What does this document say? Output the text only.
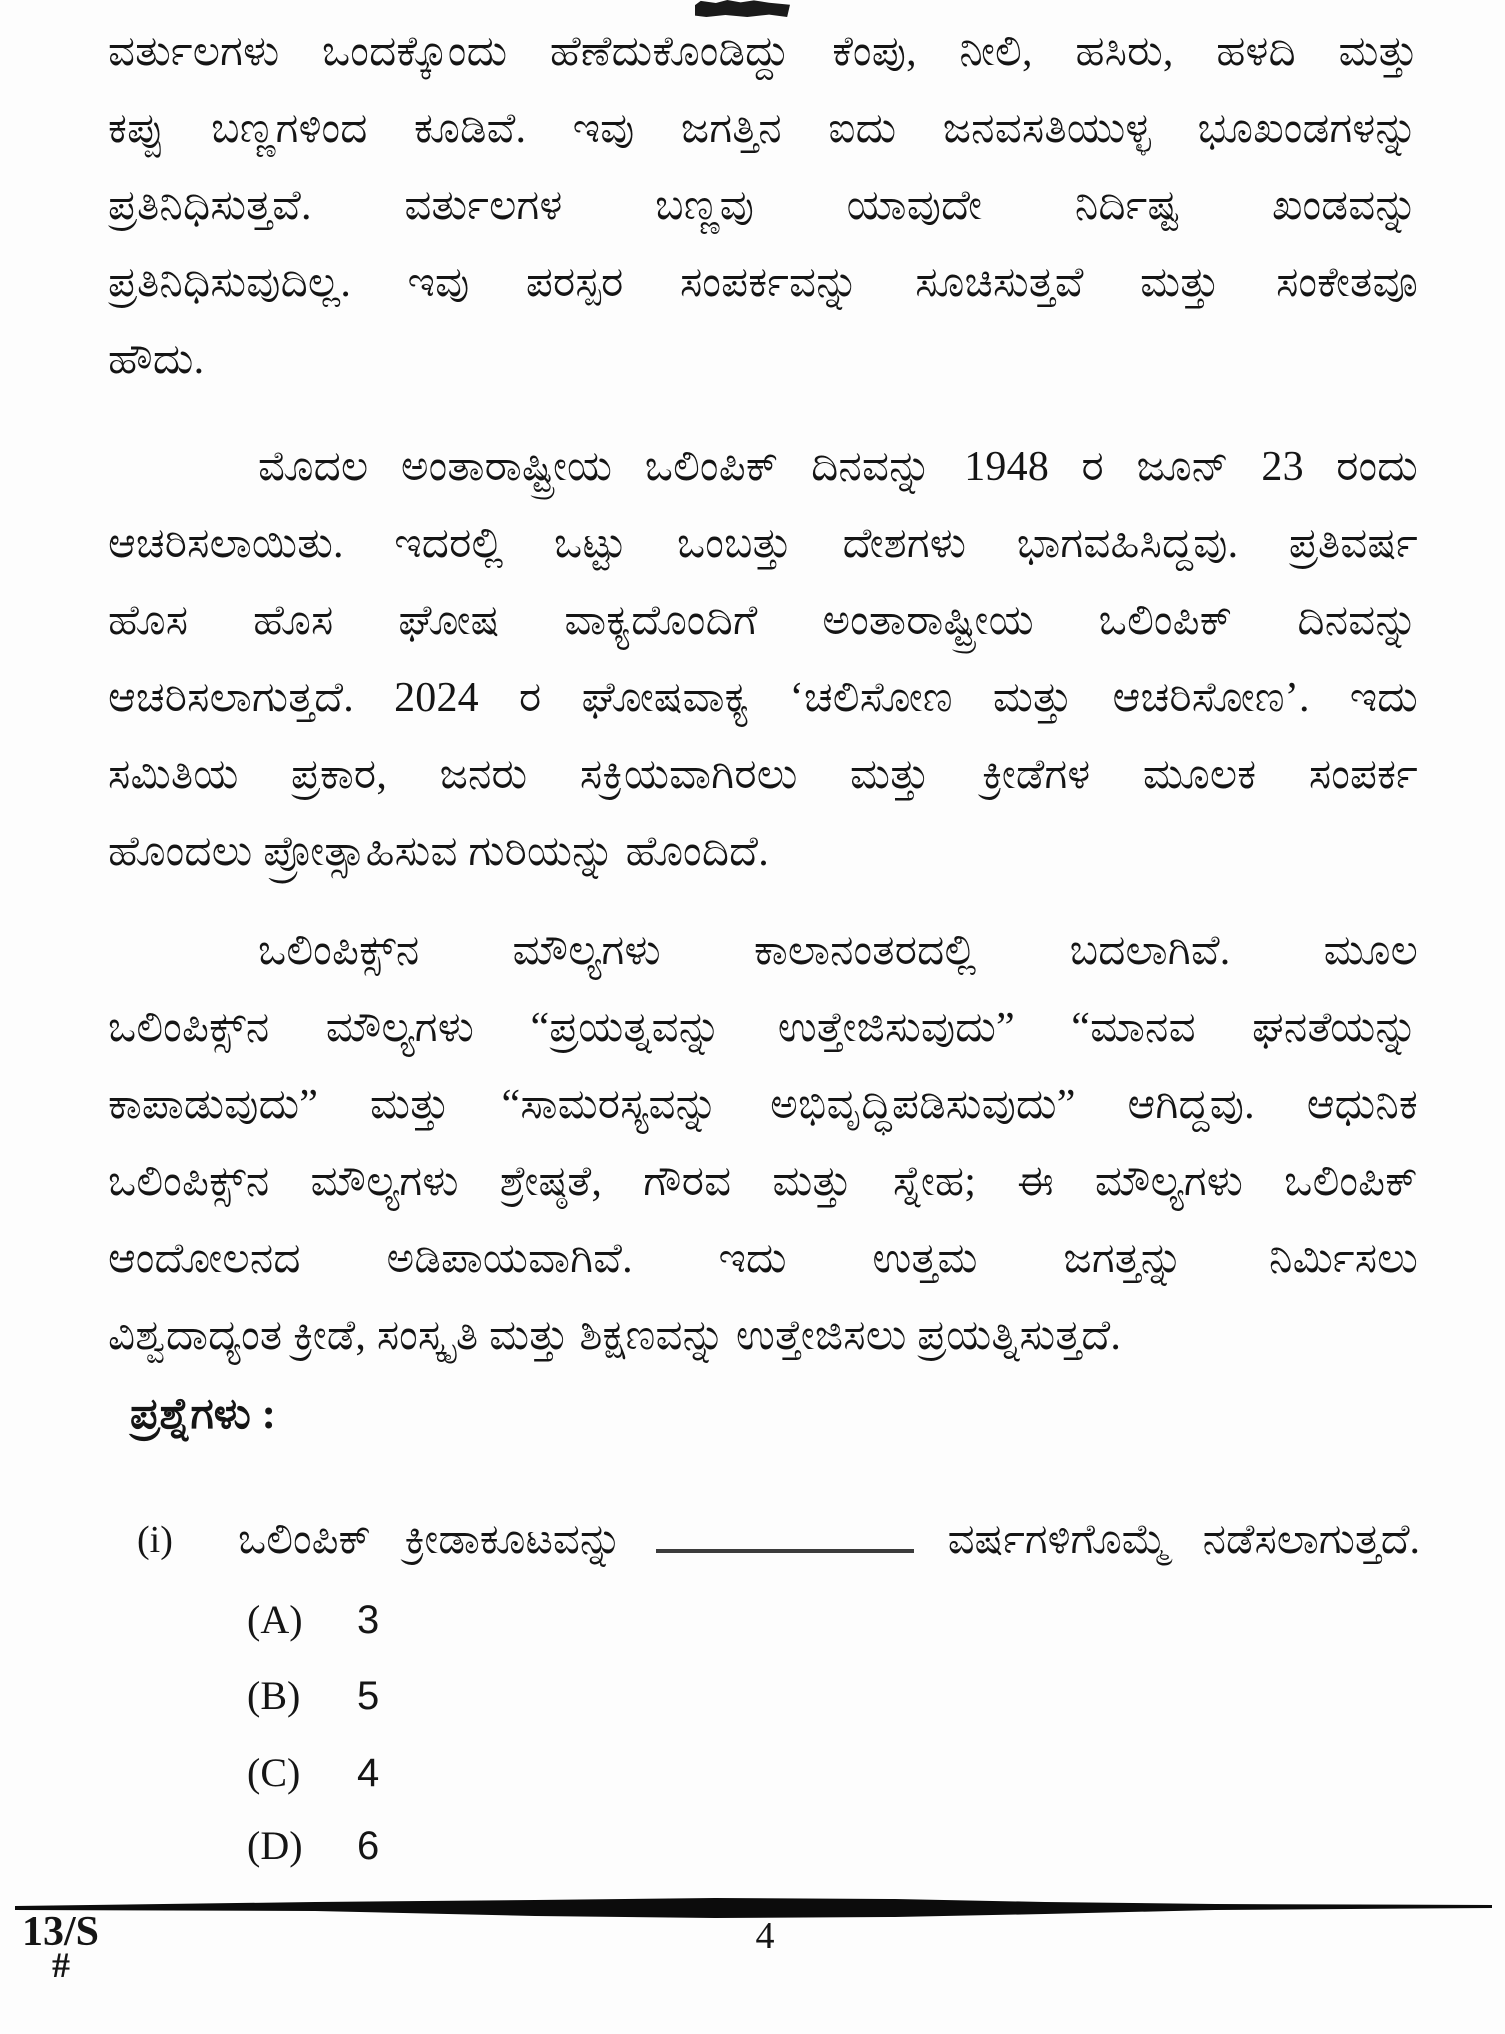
ವರ್ತುಲಗಳು ಒಂದಕ್ಕೊಂದು ಹೆಣೆದುಕೊಂಡಿದ್ದು ಕೆಂಪು, ನೀಲಿ, ಹಸಿರು, ಹಳದಿ ಮತ್ತು
ಕಪ್ಪು ಬಣ್ಣಗಳಿಂದ ಕೂಡಿವೆ. ಇವು ಜಗತ್ತಿನ ಐದು ಜನವಸತಿಯುಳ್ಳ ಭೂಖಂಡಗಳನ್ನು
ಪ್ರತಿನಿಧಿಸುತ್ತವೆ. ವರ್ತುಲಗಳ ಬಣ್ಣವು ಯಾವುದೇ ನಿರ್ದಿಷ್ಟ ಖಂಡವನ್ನು
ಪ್ರತಿನಿಧಿಸುವುದಿಲ್ಲ. ಇವು ಪರಸ್ಪರ ಸಂಪರ್ಕವನ್ನು ಸೂಚಿಸುತ್ತವೆ ಮತ್ತು ಸಂಕೇತವೂ
ಹೌದು.
ಮೊದಲ ಅಂತಾರಾಷ್ಟ್ರೀಯ ಒಲಿಂಪಿಕ್ ದಿನವನ್ನು 1948 ರ ಜೂನ್ 23 ರಂದು
ಆಚರಿಸಲಾಯಿತು. ಇದರಲ್ಲಿ ಒಟ್ಟು ಒಂಬತ್ತು ದೇಶಗಳು ಭಾಗವಹಿಸಿದ್ದವು. ಪ್ರತಿವರ್ಷ
ಹೊಸ ಹೊಸ ಘೋಷ ವಾಕ್ಯದೊಂದಿಗೆ ಅಂತಾರಾಷ್ಟ್ರೀಯ ಒಲಿಂಪಿಕ್ ದಿನವನ್ನು
ಆಚರಿಸಲಾಗುತ್ತದೆ. 2024 ರ ಘೋಷವಾಕ್ಯ ‘ಚಲಿಸೋಣ ಮತ್ತು ಆಚರಿಸೋಣ’. ಇದು
ಸಮಿತಿಯ ಪ್ರಕಾರ, ಜನರು ಸಕ್ರಿಯವಾಗಿರಲು ಮತ್ತು ಕ್ರೀಡೆಗಳ ಮೂಲಕ ಸಂಪರ್ಕ
ಹೊಂದಲು ಪ್ರೋತ್ಸಾಹಿಸುವ ಗುರಿಯನ್ನು ಹೊಂದಿದೆ.
ಒಲಿಂಪಿಕ್ಸ್‌ನ ಮೌಲ್ಯಗಳು ಕಾಲಾನಂತರದಲ್ಲಿ ಬದಲಾಗಿವೆ. ಮೂಲ
ಒಲಿಂಪಿಕ್ಸ್‌ನ ಮೌಲ್ಯಗಳು “ಪ್ರಯತ್ನವನ್ನು ಉತ್ತೇಜಿಸುವುದು” “ಮಾನವ ಘನತೆಯನ್ನು
ಕಾಪಾಡುವುದು” ಮತ್ತು “ಸಾಮರಸ್ಯವನ್ನು ಅಭಿವೃದ್ಧಿಪಡಿಸುವುದು” ಆಗಿದ್ದವು. ಆಧುನಿಕ
ಒಲಿಂಪಿಕ್ಸ್‌ನ ಮೌಲ್ಯಗಳು ಶ್ರೇಷ್ಠತೆ, ಗೌರವ ಮತ್ತು ಸ್ನೇಹ; ಈ ಮೌಲ್ಯಗಳು ಒಲಿಂಪಿಕ್
ಆಂದೋಲನದ ಅಡಿಪಾಯವಾಗಿವೆ. ಇದು ಉತ್ತಮ ಜಗತ್ತನ್ನು ನಿರ್ಮಿಸಲು
ವಿಶ್ವದಾದ್ಯಂತ ಕ್ರೀಡೆ, ಸಂಸ್ಕೃತಿ ಮತ್ತು ಶಿಕ್ಷಣವನ್ನು ಉತ್ತೇಜಿಸಲು ಪ್ರಯತ್ನಿಸುತ್ತದೆ.
ಪ್ರಶ್ನೆಗಳು :
(i) ಒಲಿಂಪಿಕ್ ಕ್ರೀಡಾಕೂಟವನ್ನು	ವರ್ಷಗಳಿಗೊಮ್ಮೆ ನಡೆಸಲಾಗುತ್ತದೆ.
(A) 3
(B) 5
(C) 4
(D) 6
13/S	4
#
